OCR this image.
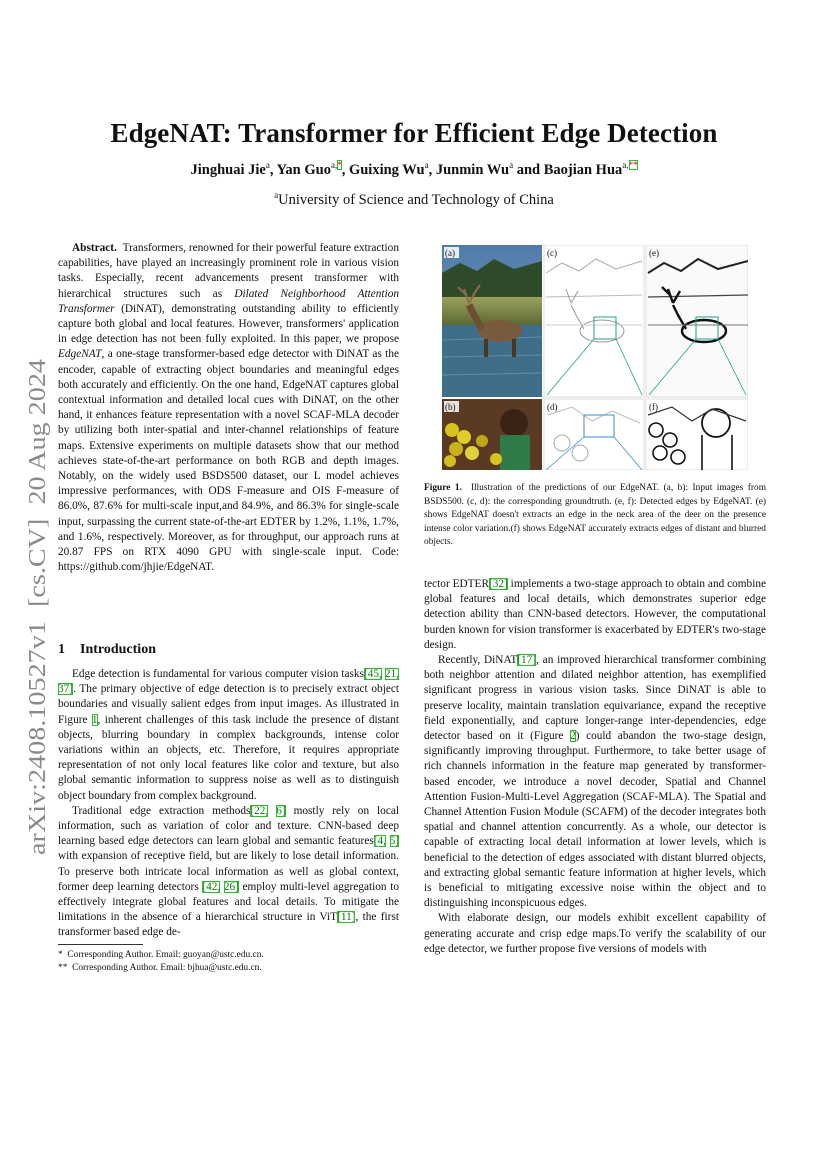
arXiv:2408.10527v1  [cs.CV]  20 Aug 2024
EdgeNAT: Transformer for Efficient Edge Detection
Jinghuai Jie$^a$, Yan Guo$^{a,*}$, Guixing Wu$^a$, Junmin Wu$^a$ and Baojian Hua$^{a,**}$
$^a$University of Science and Technology of China

Abstract. Transformers, renowned for their powerful feature extraction capabilities, have played an increasingly prominent role in various vision tasks. Especially, recent advancements present transformer with hierarchical structures such as Dilated Neighborhood Attention Transformer (DiNAT), demonstrating outstanding ability to efficiently capture both global and local features. However, transformers' application in edge detection has not been fully exploited. In this paper, we propose EdgeNAT, a one-stage transformer-based edge detector with DiNAT as the encoder, capable of extracting object boundaries and meaningful edges both accurately and efficiently. On the one hand, EdgeNAT captures global contextual information and detailed local cues with DiNAT, on the other hand, it enhances feature representation with a novel SCAF-MLA decoder by utilizing both inter-spatial and inter-channel relationships of feature maps. Extensive experiments on multiple datasets show that our method achieves state-of-the-art performance on both RGB and depth images. Notably, on the widely used BSDS500 dataset, our L model achieves impressive performances, with ODS F-measure and OIS F-measure of 86.0%, 87.6% for multi-scale input,and 84.9%, and 86.3% for single-scale input, surpassing the current state-of-the-art EDTER by 1.2%, 1.1%, 1.7%, and 1.6%, respectively. Moreover, as for throughput, our approach runs at 20.87 FPS on RTX 4090 GPU with single-scale input. Code: https://github.com/jhjie/EdgeNAT.

1 Introduction

Edge detection is fundamental for various computer vision tasks[45, 21, 37]. The primary objective of edge detection is to precisely extract object boundaries and visually salient edges from input images. As illustrated in Figure 1, inherent challenges of this task include the presence of distant objects, blurring boundary in complex backgrounds, intense color variations within an objects, etc. Therefore, it requires appropriate representation of not only local features like color and texture, but also global semantic information to suppress noise as well as to distinguish object boundary from complex background.

Traditional edge extraction methods[22, 6] mostly rely on local information, such as variation of color and texture. CNN-based deep learning based edge detectors can learn global and semantic features[4, 5] with expansion of receptive field, but are likely to lose detail information. To preserve both intricate local information as well as global context, former deep learning detectors [42, 26] employ multi-level aggregation to effectively integrate global features and local details. To mitigate the limitations in the absence of a hierarchical structure in ViT[11], the first transformer based edge de-

* Corresponding Author. Email: guoyan@ustc.edu.cn.
** Corresponding Author. Email: bjhua@ustc.edu.cn.
(a)	(c)	(e)
(b)	(d)	(f)
Figure 1. Illustration of the predictions of our EdgeNAT. (a, b): Input images from BSDS500. (c, d): the corresponding groundtruth. (e, f): Detected edges by EdgeNAT. (e) shows EdgeNAT doesn't extracts an edge in the neck area of the deer on the presence intense color variation.(f) shows EdgeNAT accurately extracts edges of distant and blurred objects.

tector EDTER[32] implements a two-stage approach to obtain and combine global features and local details, which demonstrates superior edge detection ability than CNN-based detectors. However, the computational burden known for vision transformer is exacerbated by EDTER's two-stage design.

Recently, DiNAT[17], an improved hierarchical transformer combining both neighbor attention and dilated neighbor attention, has exemplified significant progress in various vision tasks. Since DiNAT is able to preserve locality, maintain translation equivariance, expand the receptive field exponentially, and capture longer-range inter-dependencies, edge detector based on it (Figure 2) could abandon the two-stage design, significantly improving throughput. Furthermore, to take better usage of rich channels information in the feature map generated by transformer-based encoder, we introduce a novel decoder, Spatial and Channel Attention Fusion-Multi-Level Aggregation (SCAF-MLA). The Spatial and Channel Attention Fusion Module (SCAFM) of the decoder integrates both spatial and channel attention concurrently. As a whole, our detector is capable of extracting local detail information at lower levels, which is beneficial to the detection of edges associated with distant blurred objects, and extracting global semantic feature information at higher levels, which is beneficial to mitigating excessive noise within the object and to distinguishing inconspicuous edges.

With elaborate design, our models exhibit excellent capability of generating accurate and crisp edge maps.To verify the scalability of our edge detector, we further propose five versions of models with
